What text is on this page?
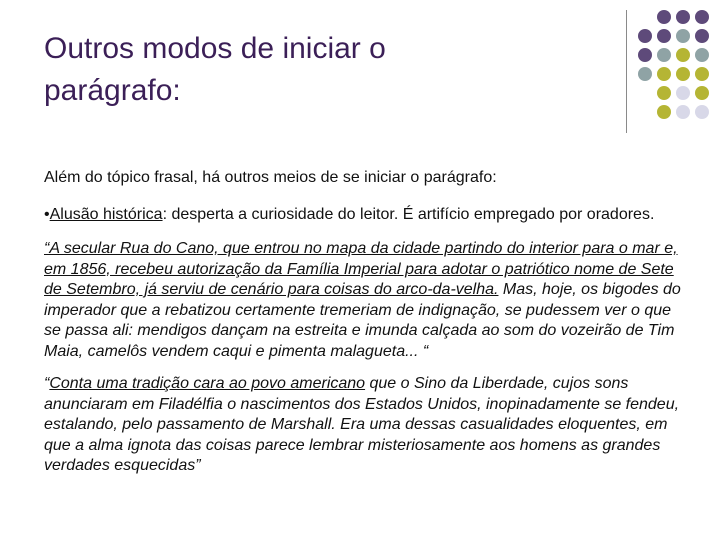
Outros modos de iniciar o
parágrafo:

Além do tópico frasal, há outros meios de se iniciar o parágrafo:

•Alusão histórica: desperta a curiosidade do leitor. É artifício empregado por oradores.

“A secular Rua do Cano, que entrou no mapa da cidade partindo do interior para o mar e, em 1856, recebeu autorização da Família Imperial para adotar o patriótico nome de Sete de Setembro, já serviu de cenário para coisas do arco-da-velha. Mas, hoje, os bigodes do imperador que a rebatizou certamente tremeriam de indignação, se pudessem ver o que se passa ali: mendigos dançam na estreita e imunda calçada ao som do vozeirão de Tim Maia, camelôs vendem caqui e pimenta malagueta... “

“Conta uma tradição cara ao povo americano que o Sino da Liberdade, cujos sons anunciaram em Filadélfia o nascimentos dos Estados Unidos, inopinadamente se fendeu, estalando, pelo passamento de Marshall. Era uma dessas casualidades eloquentes, em que a alma ignota das coisas parece lembrar misteriosamente aos homens as grandes verdades esquecidas”
